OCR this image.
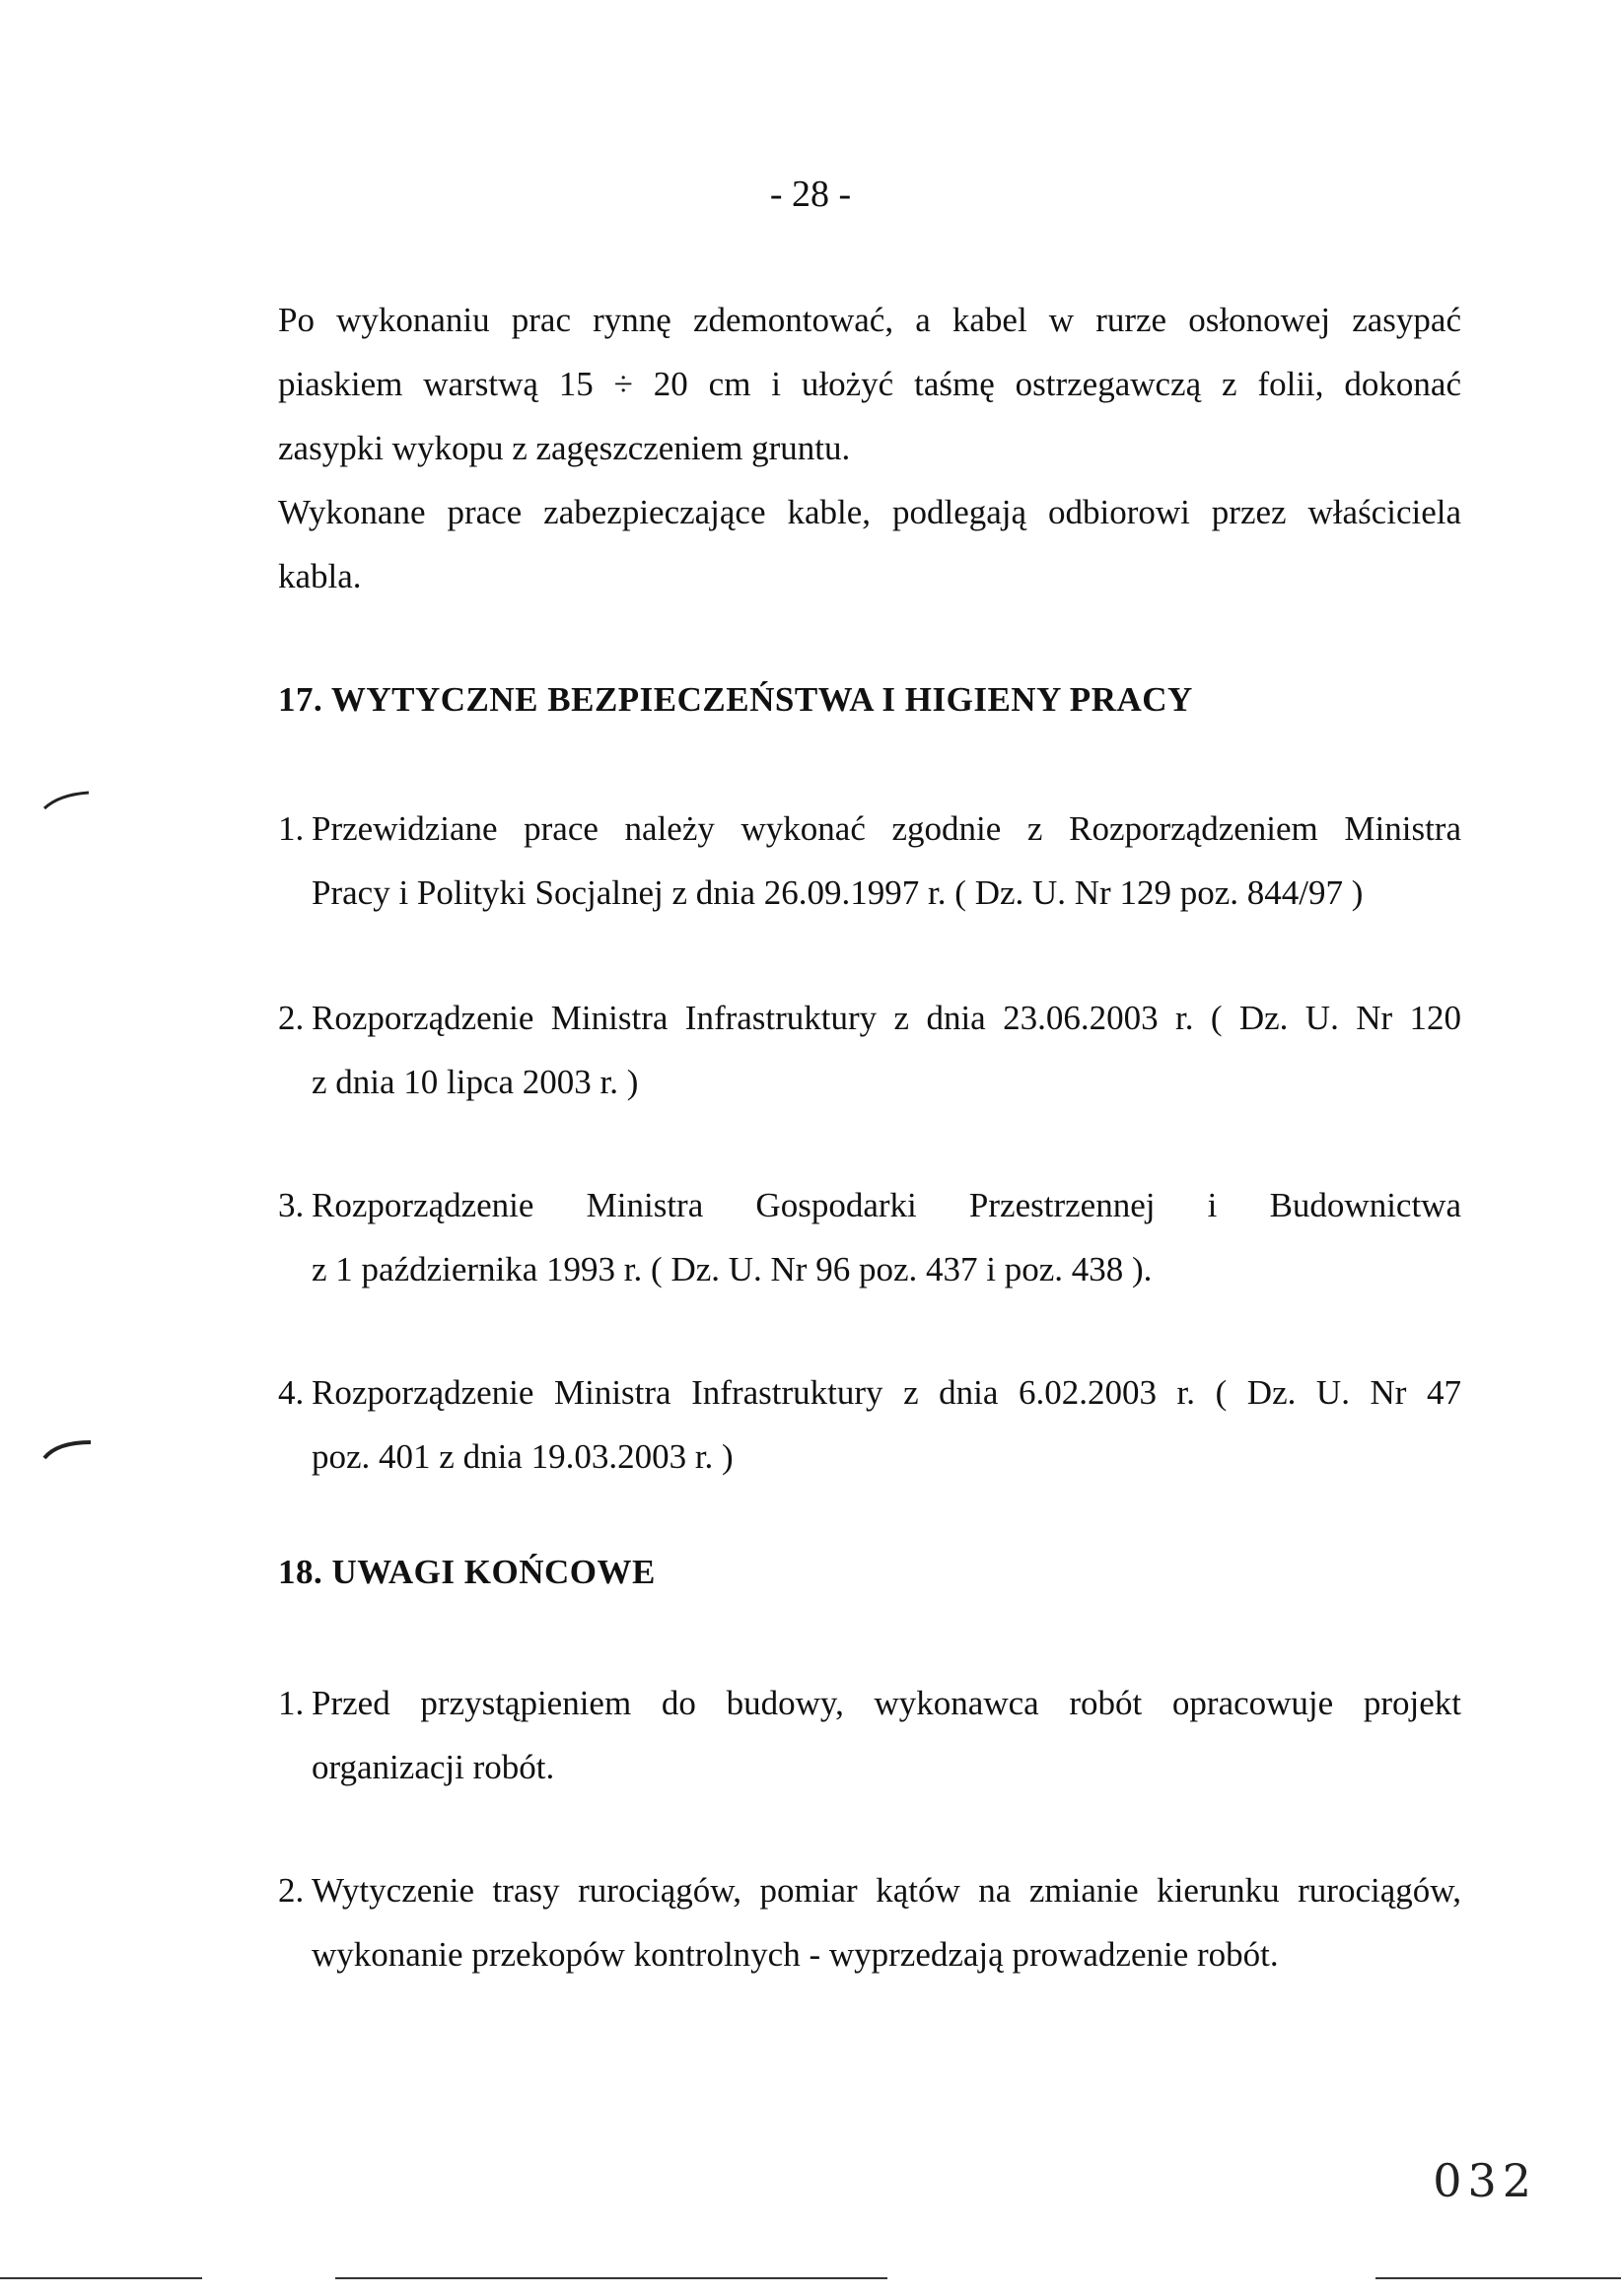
- 28 -

Po wykonaniu prac rynnę zdemontować, a kabel w rurze osłonowej zasypać

piaskiem warstwą 15 ÷ 20 cm i ułożyć taśmę ostrzegawczą z folii, dokonać

zasypki wykopu z zagęszczeniem gruntu.

Wykonane prace zabezpieczające kable, podlegają odbiorowi przez właściciela

kabla.

17. WYTYCZNE BEZPIECZEŃSTWA I HIGIENY PRACY
1. Przewidziane prace należy wykonać zgodnie z Rozporządzeniem Ministra
Pracy i Polityki Socjalnej z dnia 26.09.1997 r. ( Dz. U. Nr 129 poz. 844/97 )
2. Rozporządzenie Ministra Infrastruktury z dnia 23.06.2003 r. ( Dz. U. Nr 120
z dnia 10 lipca 2003 r. )
3. Rozporządzenie Ministra Gospodarki Przestrzennej i Budownictwa
z 1 października 1993 r. ( Dz. U. Nr 96 poz. 437 i poz. 438 ).
4. Rozporządzenie Ministra Infrastruktury z dnia 6.02.2003 r. ( Dz. U. Nr 47
poz. 401 z dnia 19.03.2003 r. )
18. UWAGI KOŃCOWE
1. Przed przystąpieniem do budowy, wykonawca robót opracowuje projekt
organizacji robót.
2. Wytyczenie trasy rurociągów, pomiar kątów na zmianie kierunku rurociągów,
wykonanie przekopów kontrolnych - wyprzedzają prowadzenie robót.
032
